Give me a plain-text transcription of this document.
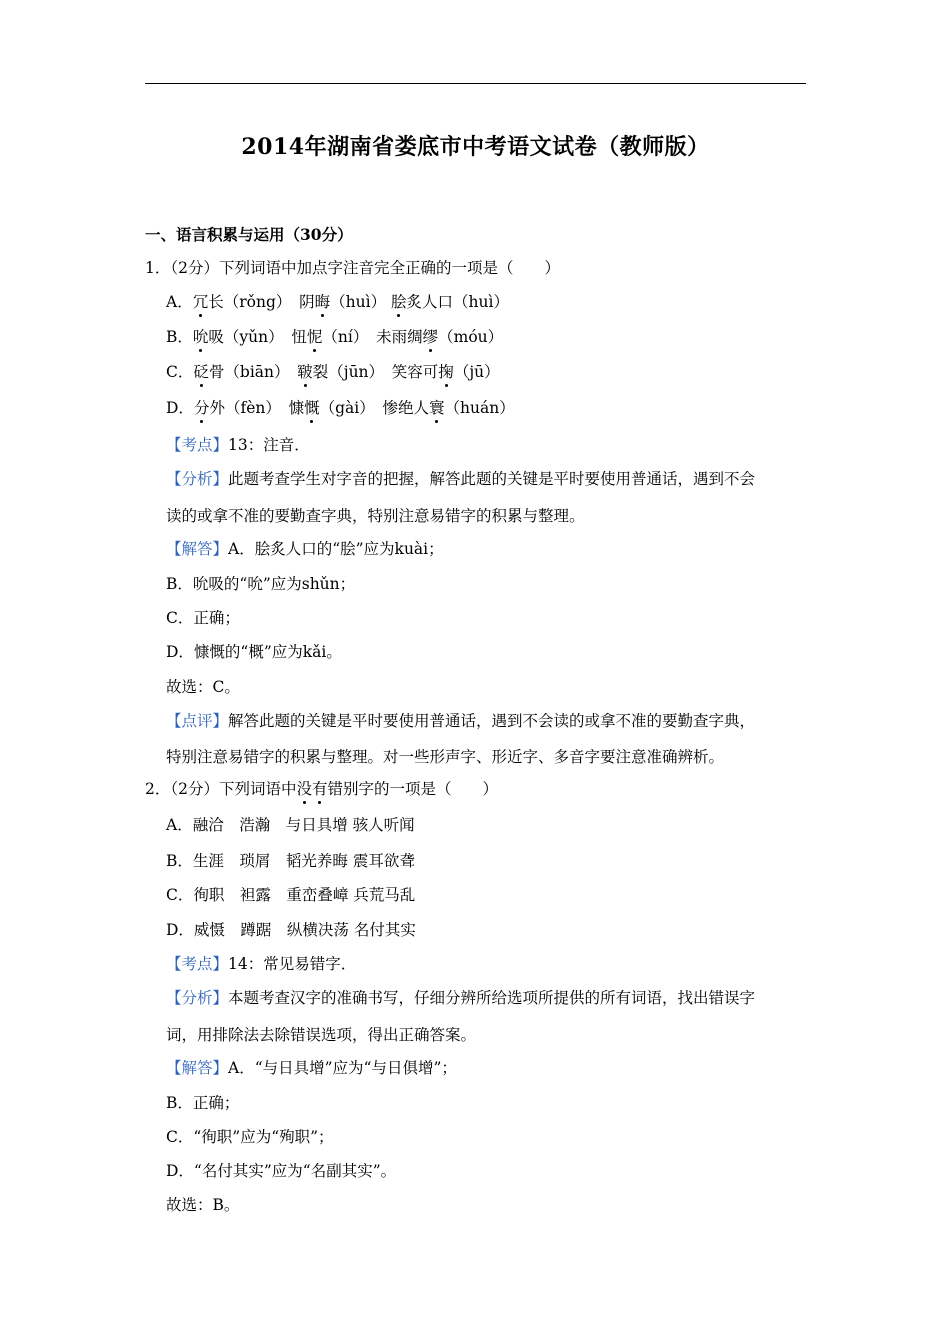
2014年湖南省娄底市中考语文试卷（教师版）
一、语言积累与运用（30分）
1．（2分）下列词语中加点字注音完全正确的一项是（　　）
A．冗长（rǒng）　阴晦（huì） 脍炙人口（huì）
B．吮吸（yǔn）　忸怩（ní）　未雨绸缪（móu）
C．砭骨（biān）　皲裂（jūn）　笑容可掬（jū）
D．分外（fèn）　慷慨（gài）　惨绝人寰（huán）
【考点】13：注音．
【分析】此题考查学生对字音的把握，解答此题的关键是平时要使用普通话，遇到不会
读的或拿不准的要勤查字典，特别注意易错字的积累与整理。
【解答】A．脍炙人口的“脍”应为kuài；
B．吮吸的“吮”应为shǔn；
C．正确；
D．慷慨的“概”应为kǎi。
故选：C。
【点评】解答此题的关键是平时要使用普通话，遇到不会读的或拿不准的要勤查字典，
特别注意易错字的积累与整理。对一些形声字、形近字、多音字要注意准确辨析。
2．（2分）下列词语中没有错别字的一项是（　　）
A．融洽　浩瀚　与日具增 骇人听闻
B．生涯　琐屑　韬光养晦 震耳欲聋
C．徇职　袒露　重峦叠嶂 兵荒马乱
D．威慑　蹲踞　纵横决荡 名付其实
【考点】14：常见易错字．
【分析】本题考查汉字的准确书写，仔细分辨所给选项所提供的所有词语，找出错误字
词，用排除法去除错误选项，得出正确答案。
【解答】A．“与日具增”应为“与日俱增”；
B．正确；
C．“徇职”应为“殉职”；
D．“名付其实”应为“名副其实”。
故选：B。
